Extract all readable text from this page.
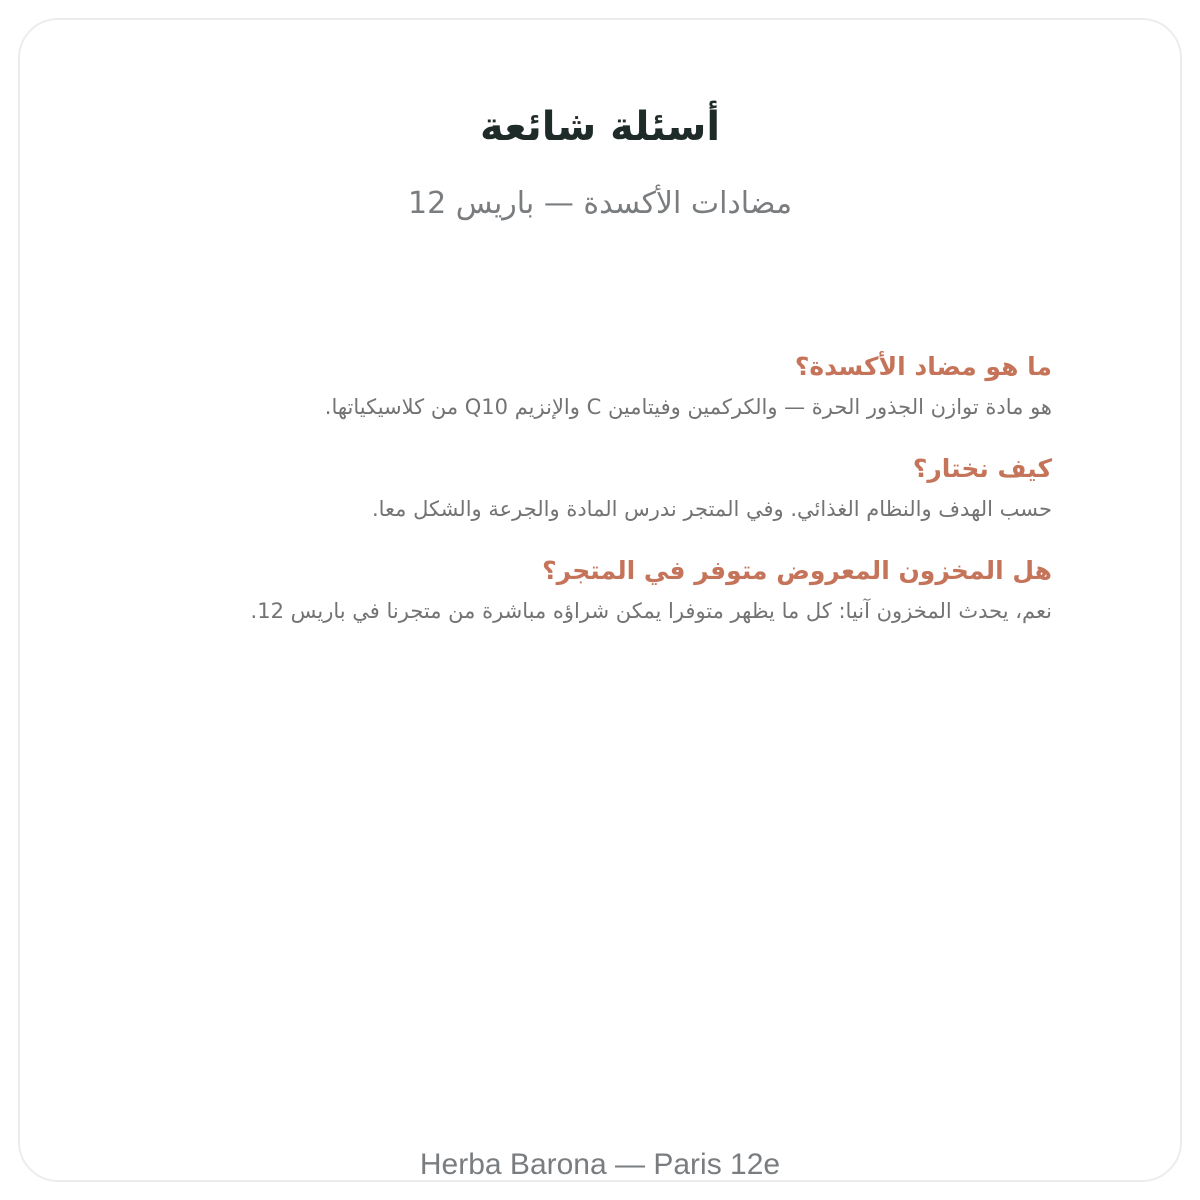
أسئلة شائعة
مضادات الأكسدة — باريس 12
ما هو مضاد الأكسدة؟
هو مادة توازن الجذور الحرة — والكركمين وفيتامين C والإنزيم Q10 من كلاسيكياتها.
كيف نختار؟
حسب الهدف والنظام الغذائي. وفي المتجر ندرس المادة والجرعة والشكل معا.
هل المخزون المعروض متوفر في المتجر؟
نعم، يحدث المخزون آنيا: كل ما يظهر متوفرا يمكن شراؤه مباشرة من متجرنا في باريس 12.
Herba Barona — Paris 12e
